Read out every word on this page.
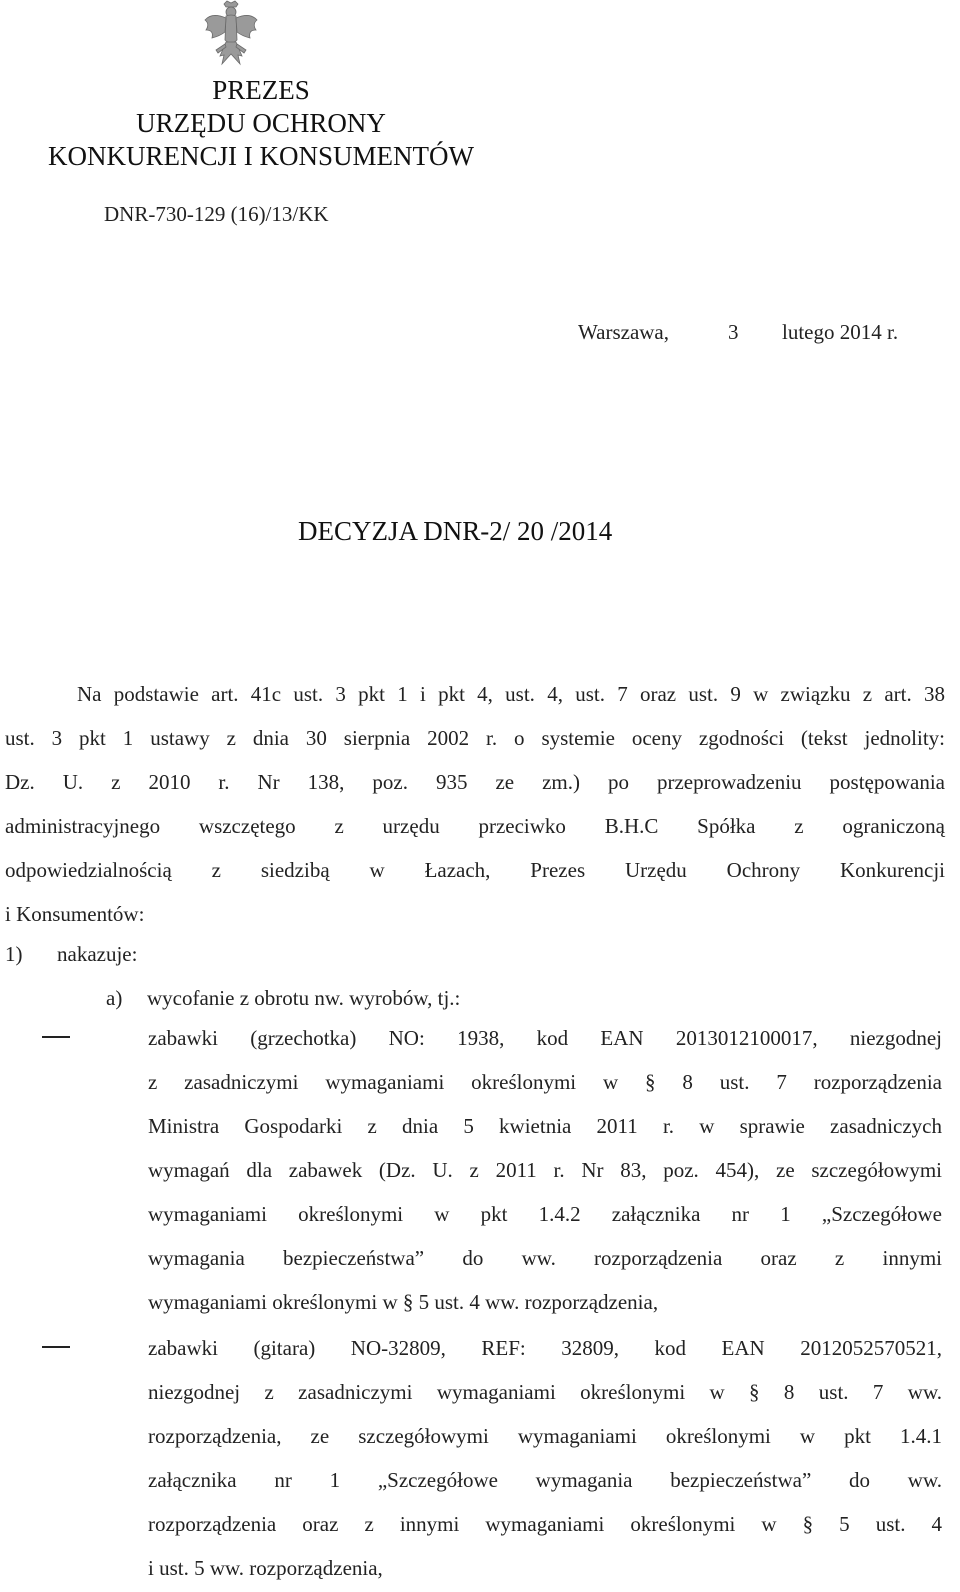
PREZES
URZĘDU OCHRONY
KONKURENCJI I KONSUMENTÓW
DNR-730-129 (16)/13/KK
Warszawa,	3 lutego 2014 r.
DECYZJA DNR-2/ 20 /2014
Na podstawie art. 41c ust. 3 pkt 1 i pkt 4, ust. 4, ust. 7 oraz ust. 9 w związku z art. 38
ust. 3 pkt 1 ustawy z dnia 30 sierpnia 2002 r. o systemie oceny zgodności (tekst jednolity:
Dz. U. z 2010 r. Nr 138, poz. 935 ze zm.) po przeprowadzeniu postępowania
administracyjnego wszczętego z urzędu przeciwko B.H.C Spółka z ograniczoną
odpowiedzialnością z siedzibą w Łazach, Prezes Urzędu Ochrony Konkurencji
i Konsumentów:
1) nakazuje:
a) wycofanie z obrotu nw. wyrobów, tj.:
zabawki (grzechotka) NO: 1938, kod EAN 2013012100017, niezgodnej
z zasadniczymi wymaganiami określonymi w § 8 ust. 7 rozporządzenia
Ministra Gospodarki z dnia 5 kwietnia 2011 r. w sprawie zasadniczych
wymagań dla zabawek (Dz. U. z 2011 r. Nr 83, poz. 454), ze szczegółowymi
wymaganiami określonymi w pkt 1.4.2 załącznika nr 1 „Szczegółowe
wymagania bezpieczeństwa” do ww. rozporządzenia oraz z innymi
wymaganiami określonymi w § 5 ust. 4 ww. rozporządzenia,
zabawki (gitara) NO-32809, REF: 32809, kod EAN 2012052570521,
niezgodnej z zasadniczymi wymaganiami określonymi w § 8 ust. 7 ww.
rozporządzenia, ze szczegółowymi wymaganiami określonymi w pkt 1.4.1
załącznika nr 1 „Szczegółowe wymagania bezpieczeństwa” do ww.
rozporządzenia oraz z innymi wymaganiami określonymi w § 5 ust. 4
i ust. 5 ww. rozporządzenia,
